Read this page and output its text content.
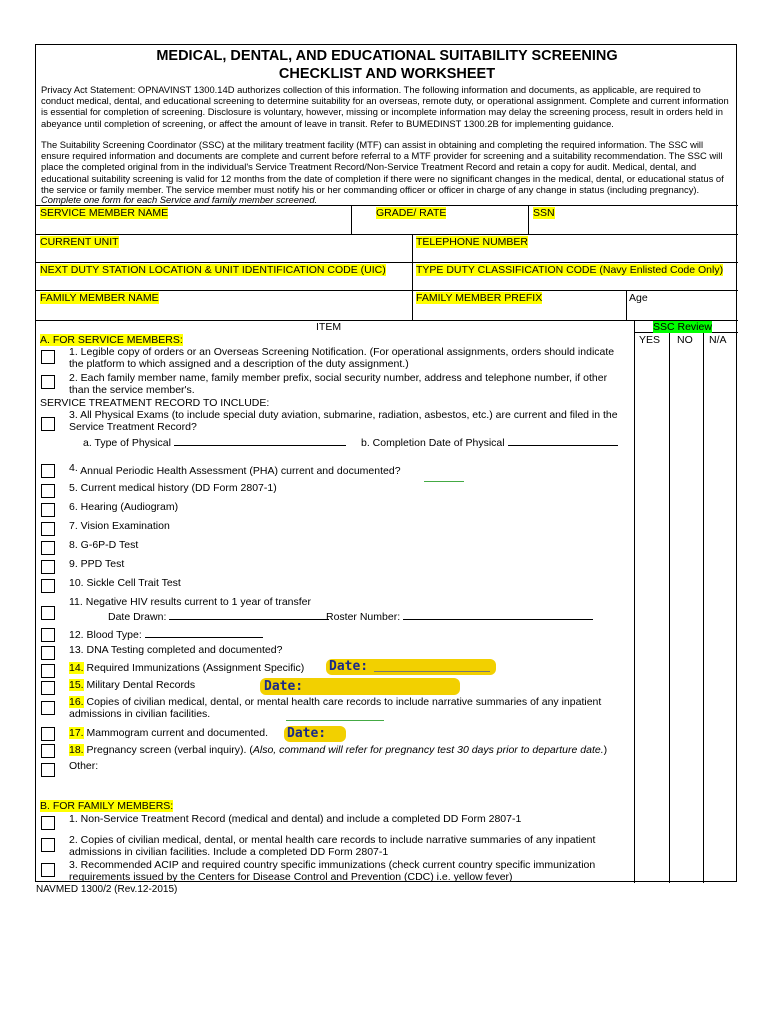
MEDICAL, DENTAL, AND EDUCATIONAL SUITABILITY SCREENING
CHECKLIST AND WORKSHEET

Privacy Act Statement: OPNAVINST 1300.14D authorizes collection of this information. The following information and documents, as applicable, are required to conduct medical, dental, and educational screening to determine suitability for an overseas, remote duty, or operational assignment. Complete and current information is essential for completion of screening. Disclosure is voluntary, however, missing or incomplete information may delay the screening process, result in orders held in abeyance until completion of screening, or affect the amount of leave in transit. Refer to BUMEDINST 1300.2B for implementing guidance.

The Suitability Screening Coordinator (SSC) at the military treatment facility (MTF) can assist in obtaining and completing the required information. The SSC will ensure required information and documents are complete and current before referral to a MTF provider for screening and a suitability recommendation. The SSC will place the completed original from in the individual's Service Treatment Record/Non-Service Treatment Record and retain a copy for audit. Medical, dental, and educational suitability screening is valid for 12 months from the date of completion if there were no significant changes in the medical, dental, or educational status of the service or family member. The service member must notify his or her commanding officer or officer in charge of any change in status (including pregnancy).

Complete one form for each Service and family member screened.

SERVICE MEMBER NAME	GRADE/ RATE	SSN
CURRENT UNIT	TELEPHONE NUMBER
NEXT DUTY STATION LOCATION & UNIT IDENTIFICATION CODE (UIC)	TYPE DUTY CLASSIFICATION CODE (Navy Enlisted Code Only)
FAMILY MEMBER NAME	FAMILY MEMBER PREFIX	Age
ITEM	SSC Review
YES NO N/A
A. FOR SERVICE MEMBERS:
1. Legible copy of orders or an Overseas Screening Notification. (For operational assignments, orders should indicate the platform to which assigned and a description of the duty assignment.)
2. Each family member name, family member prefix, social security number, address and telephone number, if other than the service member's.
SERVICE TREATMENT RECORD TO INCLUDE:
3. All Physical Exams (to include special duty aviation, submarine, radiation, asbestos, etc.) are current and filed in the Service Treatment Record?
a. Type of Physical	b. Completion Date of Physical
4. Annual Periodic Health Assessment (PHA) current and documented?
5. Current medical history (DD Form 2807-1)
6. Hearing (Audiogram)
7. Vision Examination
8. G-6P-D Test
9. PPD Test
10. Sickle Cell Trait Test
11. Negative HIV results current to 1 year of transfer
Date Drawn:	Roster Number:
12. Blood Type:
13. DNA Testing completed and documented?
Date:
14. Required Immunizations (Assignment Specific)
Date:
15. Military Dental Records
16. Copies of civilian medical, dental, or mental health care records to include narrative summaries of any inpatient admissions in civilian facilities.
Date:
17. Mammogram current and documented.
18. Pregnancy screen (verbal inquiry). (Also, command will refer for pregnancy test 30 days prior to departure date.)
Other:
B. FOR FAMILY MEMBERS:
1. Non-Service Treatment Record (medical and dental) and include a completed DD Form 2807-1
2. Copies of civilian medical, dental, or mental health care records to include narrative summaries of any inpatient admissions in civilian facilities. Include a completed DD Form 2807-1
3. Recommended ACIP and required country specific immunizations (check current country specific immunization requirements issued by the Centers for Disease Control and Prevention (CDC) i.e. yellow fever)
NAVMED 1300/2 (Rev.12-2015)
